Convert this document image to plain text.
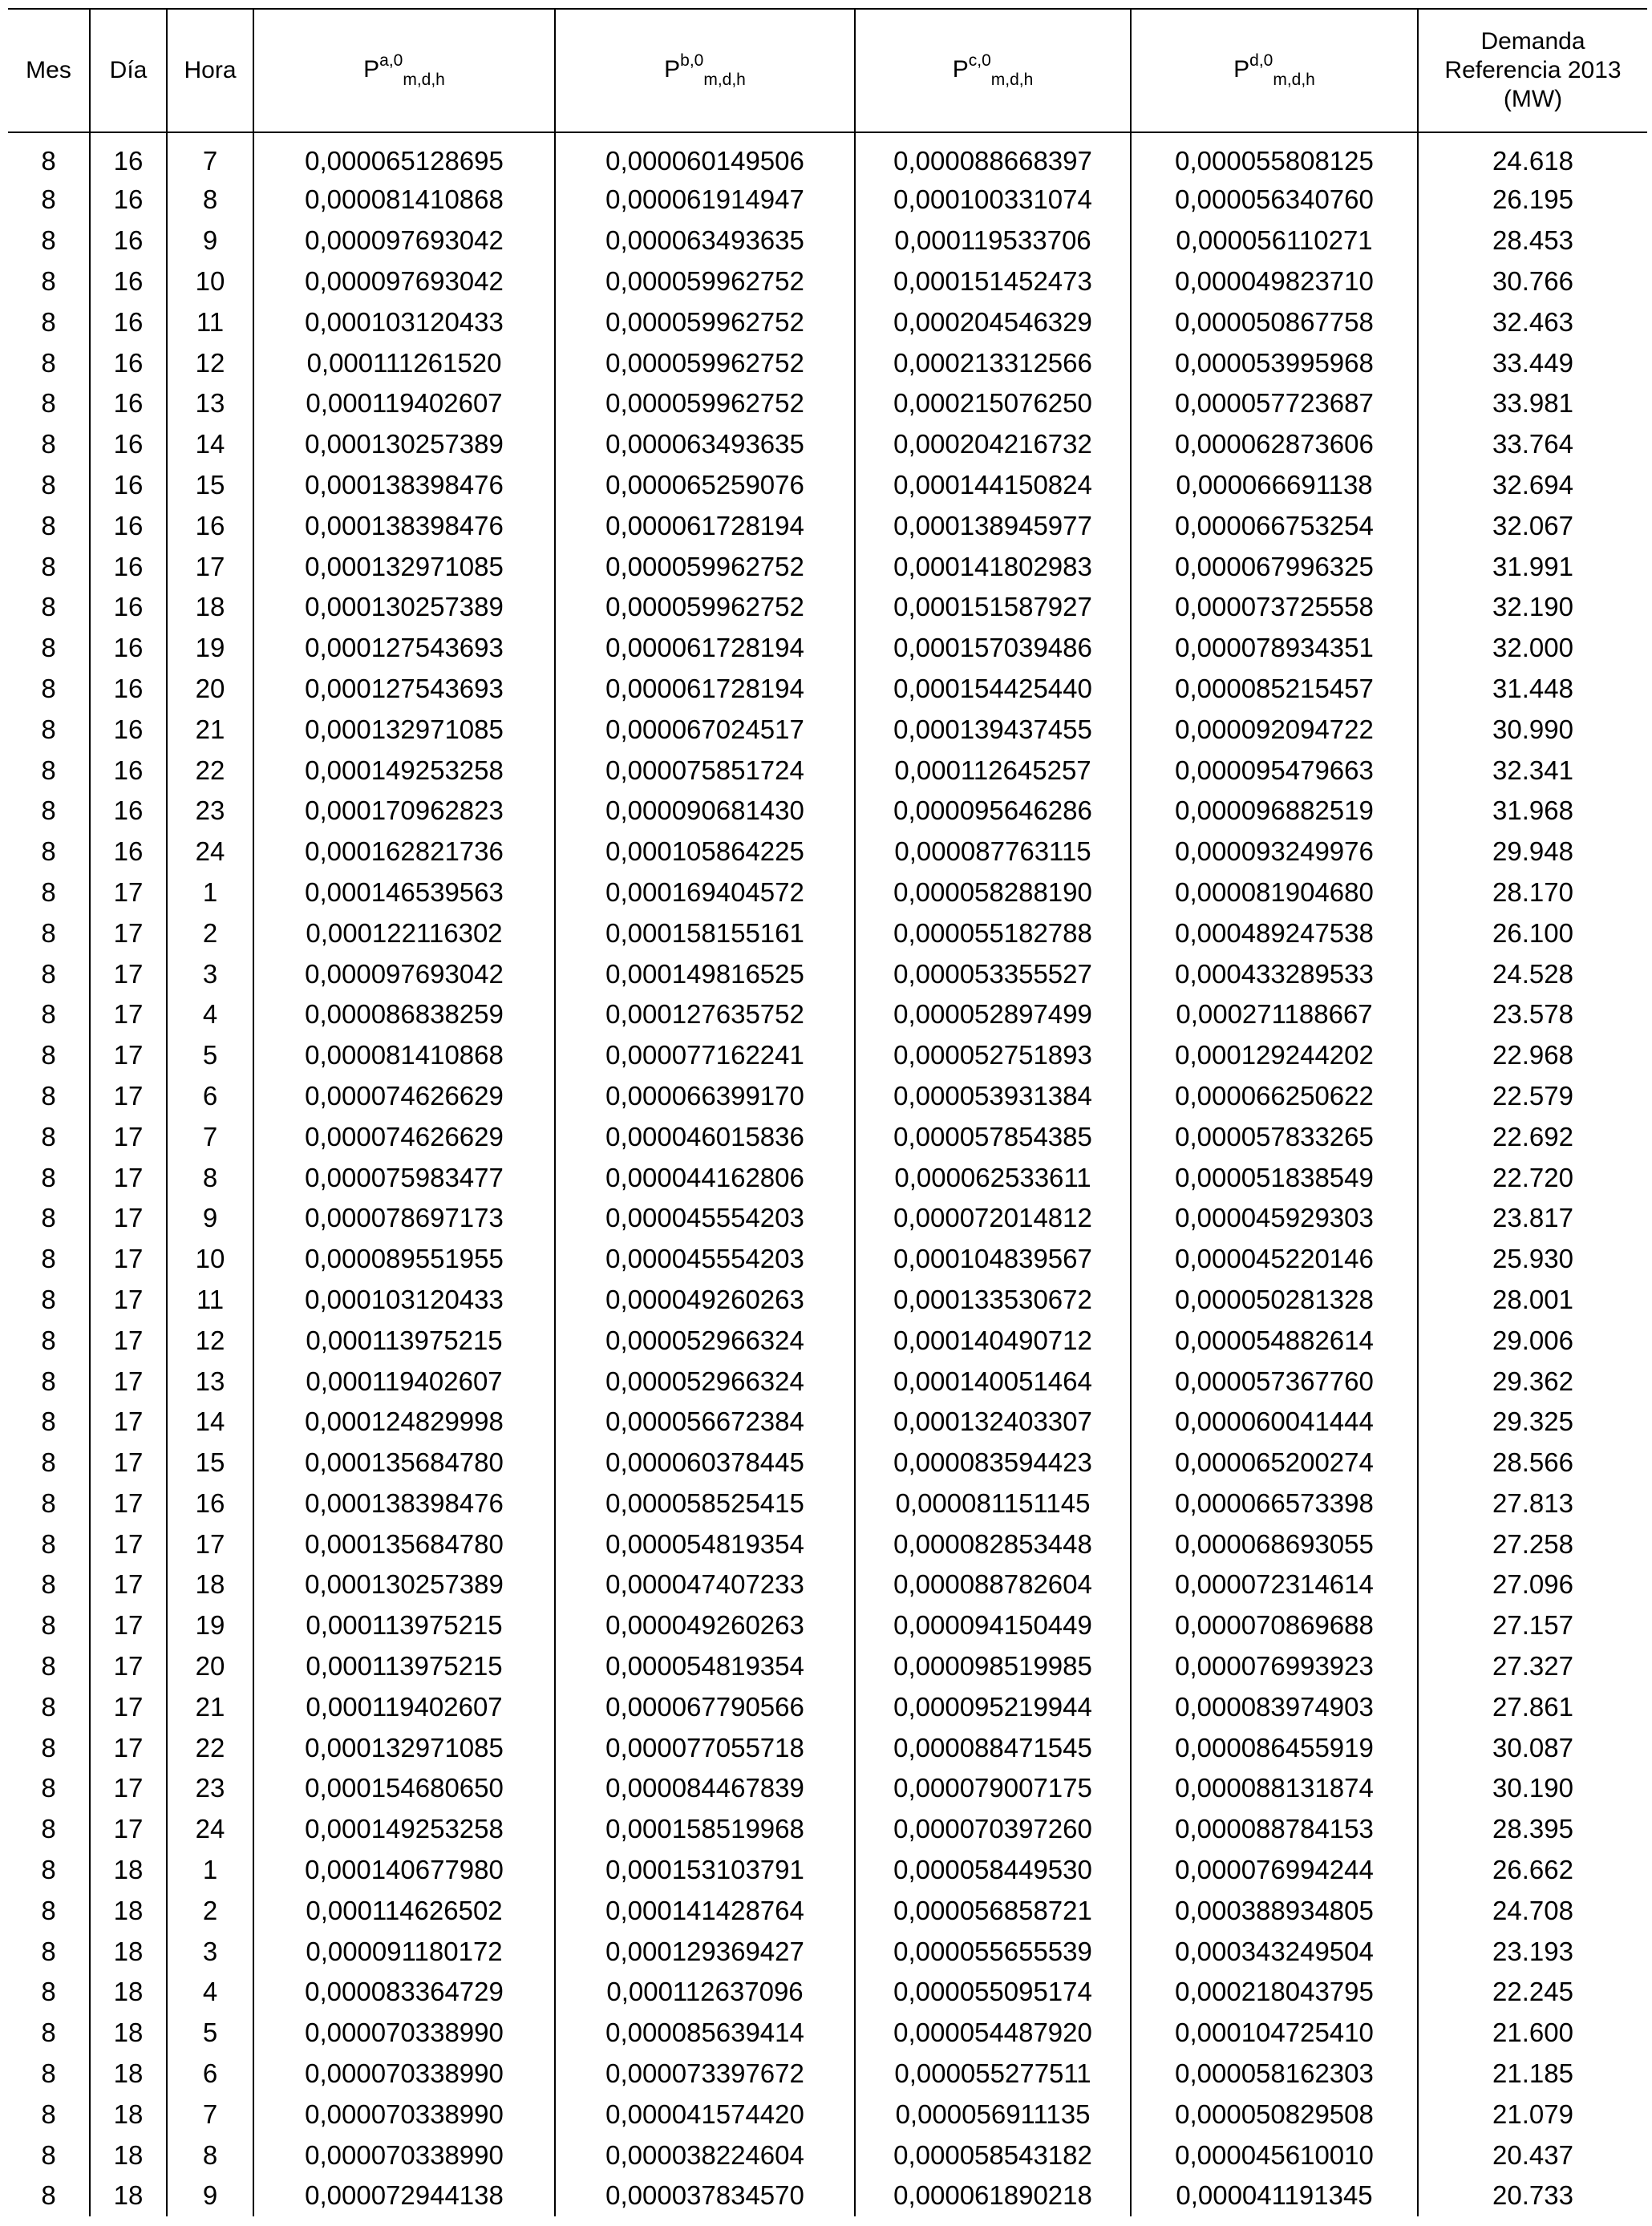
Mes	Día	Hora	P$^{a,0}_{m,d,h}$	P$^{b,0}_{m,d,h}$	P$^{c,0}_{m,d,h}$	P$^{d,0}_{m,d,h}$	Demanda
Referencia 2013
(MW)
8	16	7	0,000065128695	0,000060149506	0,000088668397	0,000055808125	24.618
8	16	8	0,000081410868	0,000061914947	0,000100331074	0,000056340760	26.195
8	16	9	0,000097693042	0,000063493635	0,000119533706	0,000056110271	28.453
8	16	10	0,000097693042	0,000059962752	0,000151452473	0,000049823710	30.766
8	16	11	0,000103120433	0,000059962752	0,000204546329	0,000050867758	32.463
8	16	12	0,000111261520	0,000059962752	0,000213312566	0,000053995968	33.449
8	16	13	0,000119402607	0,000059962752	0,000215076250	0,000057723687	33.981
8	16	14	0,000130257389	0,000063493635	0,000204216732	0,000062873606	33.764
8	16	15	0,000138398476	0,000065259076	0,000144150824	0,000066691138	32.694
8	16	16	0,000138398476	0,000061728194	0,000138945977	0,000066753254	32.067
8	16	17	0,000132971085	0,000059962752	0,000141802983	0,000067996325	31.991
8	16	18	0,000130257389	0,000059962752	0,000151587927	0,000073725558	32.190
8	16	19	0,000127543693	0,000061728194	0,000157039486	0,000078934351	32.000
8	16	20	0,000127543693	0,000061728194	0,000154425440	0,000085215457	31.448
8	16	21	0,000132971085	0,000067024517	0,000139437455	0,000092094722	30.990
8	16	22	0,000149253258	0,000075851724	0,000112645257	0,000095479663	32.341
8	16	23	0,000170962823	0,000090681430	0,000095646286	0,000096882519	31.968
8	16	24	0,000162821736	0,000105864225	0,000087763115	0,000093249976	29.948
8	17	1	0,000146539563	0,000169404572	0,000058288190	0,000081904680	28.170
8	17	2	0,000122116302	0,000158155161	0,000055182788	0,000489247538	26.100
8	17	3	0,000097693042	0,000149816525	0,000053355527	0,000433289533	24.528
8	17	4	0,000086838259	0,000127635752	0,000052897499	0,000271188667	23.578
8	17	5	0,000081410868	0,000077162241	0,000052751893	0,000129244202	22.968
8	17	6	0,000074626629	0,000066399170	0,000053931384	0,000066250622	22.579
8	17	7	0,000074626629	0,000046015836	0,000057854385	0,000057833265	22.692
8	17	8	0,000075983477	0,000044162806	0,000062533611	0,000051838549	22.720
8	17	9	0,000078697173	0,000045554203	0,000072014812	0,000045929303	23.817
8	17	10	0,000089551955	0,000045554203	0,000104839567	0,000045220146	25.930
8	17	11	0,000103120433	0,000049260263	0,000133530672	0,000050281328	28.001
8	17	12	0,000113975215	0,000052966324	0,000140490712	0,000054882614	29.006
8	17	13	0,000119402607	0,000052966324	0,000140051464	0,000057367760	29.362
8	17	14	0,000124829998	0,000056672384	0,000132403307	0,000060041444	29.325
8	17	15	0,000135684780	0,000060378445	0,000083594423	0,000065200274	28.566
8	17	16	0,000138398476	0,000058525415	0,000081151145	0,000066573398	27.813
8	17	17	0,000135684780	0,000054819354	0,000082853448	0,000068693055	27.258
8	17	18	0,000130257389	0,000047407233	0,000088782604	0,000072314614	27.096
8	17	19	0,000113975215	0,000049260263	0,000094150449	0,000070869688	27.157
8	17	20	0,000113975215	0,000054819354	0,000098519985	0,000076993923	27.327
8	17	21	0,000119402607	0,000067790566	0,000095219944	0,000083974903	27.861
8	17	22	0,000132971085	0,000077055718	0,000088471545	0,000086455919	30.087
8	17	23	0,000154680650	0,000084467839	0,000079007175	0,000088131874	30.190
8	17	24	0,000149253258	0,000158519968	0,000070397260	0,000088784153	28.395
8	18	1	0,000140677980	0,000153103791	0,000058449530	0,000076994244	26.662
8	18	2	0,000114626502	0,000141428764	0,000056858721	0,000388934805	24.708
8	18	3	0,000091180172	0,000129369427	0,000055655539	0,000343249504	23.193
8	18	4	0,000083364729	0,000112637096	0,000055095174	0,000218043795	22.245
8	18	5	0,000070338990	0,000085639414	0,000054487920	0,000104725410	21.600
8	18	6	0,000070338990	0,000073397672	0,000055277511	0,000058162303	21.185
8	18	7	0,000070338990	0,000041574420	0,000056911135	0,000050829508	21.079
8	18	8	0,000070338990	0,000038224604	0,000058543182	0,000045610010	20.437
8	18	9	0,000072944138	0,000037834570	0,000061890218	0,000041191345	20.733
